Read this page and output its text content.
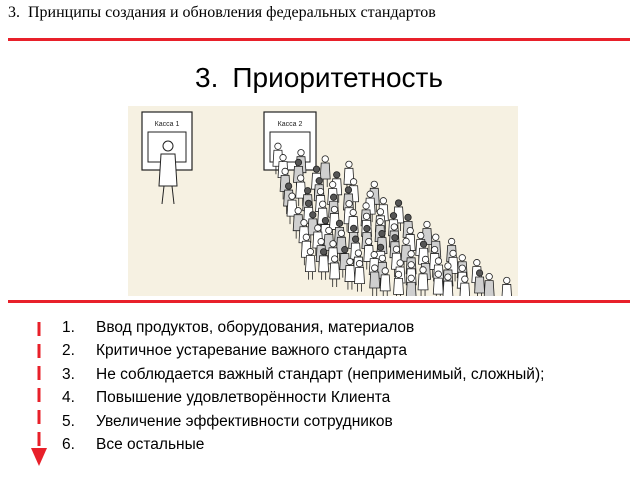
3. Принципы создания и обновления федеральных стандартов
3. Приоритетность
Касса 1	Касса 2
1.	Ввод продуктов, оборудования, материалов
2.	Критичное устаревание важного стандарта
3.	Не соблюдается важный стандарт (неприменимый, сложный);
4.	Повышение удовлетворённости Клиента
5.	Увеличение эффективности сотрудников
6.	Все остальные
